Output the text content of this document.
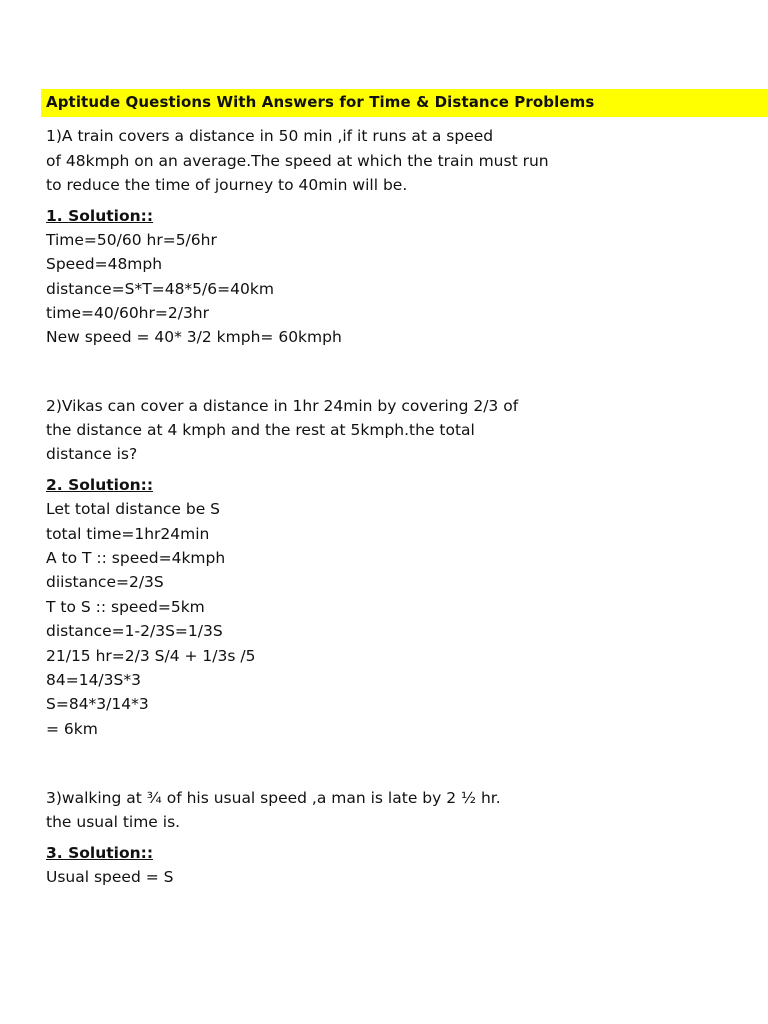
Aptitude Questions With Answers for Time & Distance Problems
1)A train covers a distance in 50 min ,if it runs at a speed
of 48kmph on an average.The speed at which the train must run
to reduce the time of journey to 40min will be.
1. Solution::
Time=50/60 hr=5/6hr
Speed=48mph
distance=S*T=48*5/6=40km
time=40/60hr=2/3hr
New speed = 40* 3/2 kmph= 60kmph
2)Vikas can cover a distance in 1hr 24min by covering 2/3 of
the distance at 4 kmph and the rest at 5kmph.the total
distance is?
2. Solution::
Let total distance be S
total time=1hr24min
A to T :: speed=4kmph
diistance=2/3S
T to S :: speed=5km
distance=1-2/3S=1/3S
21/15 hr=2/3 S/4 + 1/3s /5
84=14/3S*3
S=84*3/14*3
= 6km
3)walking at ¾ of his usual speed ,a man is late by 2 ½ hr.
the usual time is.
3. Solution::
Usual speed = S
